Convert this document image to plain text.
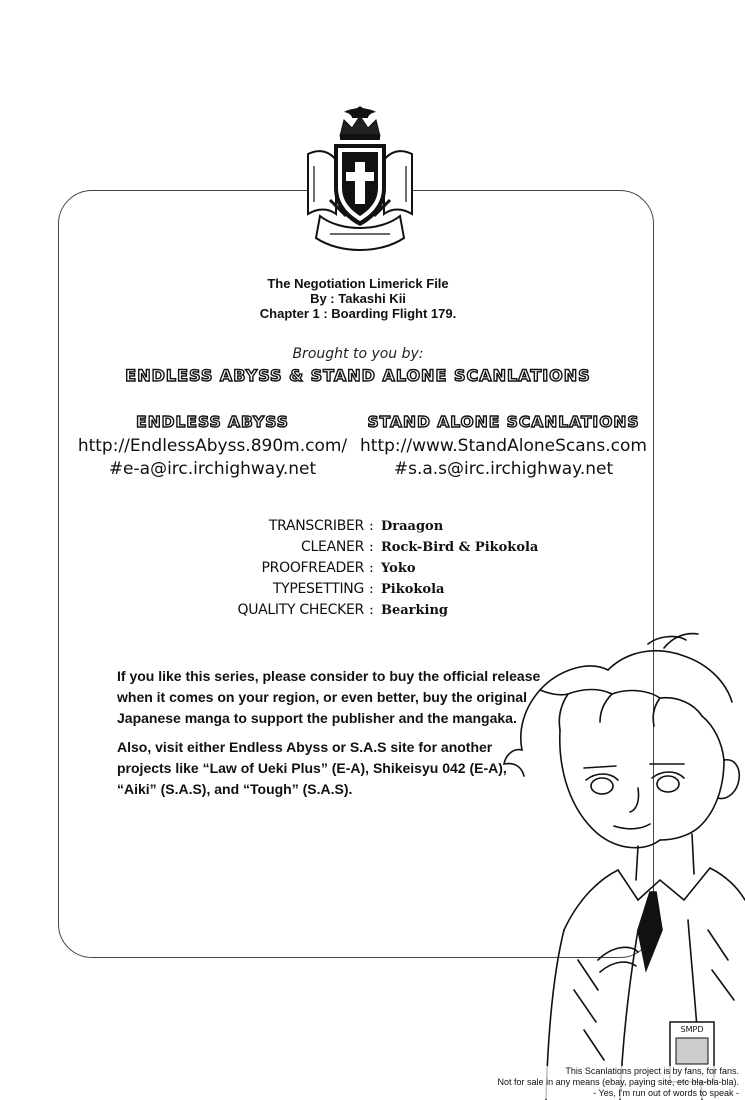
The Negotiation Limerick File
By : Takashi Kii
Chapter 1 : Boarding Flight 179.
Brought to you by:
ENDLESS ABYSS & STAND ALONE SCANLATIONS
ENDLESS ABYSS
http://EndlessAbyss.890m.com/
#e-a@irc.irchighway.net
STAND ALONE SCANLATIONS
http://www.StandAloneScans.com
#s.a.s@irc.irchighway.net
TRANSCRIBER : Draagon
CLEANER : Rock-Bird & Pikokola
PROOFREADER : Yoko
TYPESETTING : Pikokola
QUALITY CHECKER : Bearking
If you like this series, please consider to buy the official release
when it comes on your region, or even better, buy the original
Japanese manga to support the publisher and the mangaka.
Also, visit either Endless Abyss or S.A.S site for another
projects like “Law of Ueki Plus” (E-A), Shikeisyu 042 (E-A),
“Aiki” (S.A.S), and “Tough” (S.A.S).
SMPD
This Scanlations project is by fans, for fans.
Not for sale in any means (ebay, paying site, etc bla-bla-bla).
- Yes, I'm run out of words to speak -
